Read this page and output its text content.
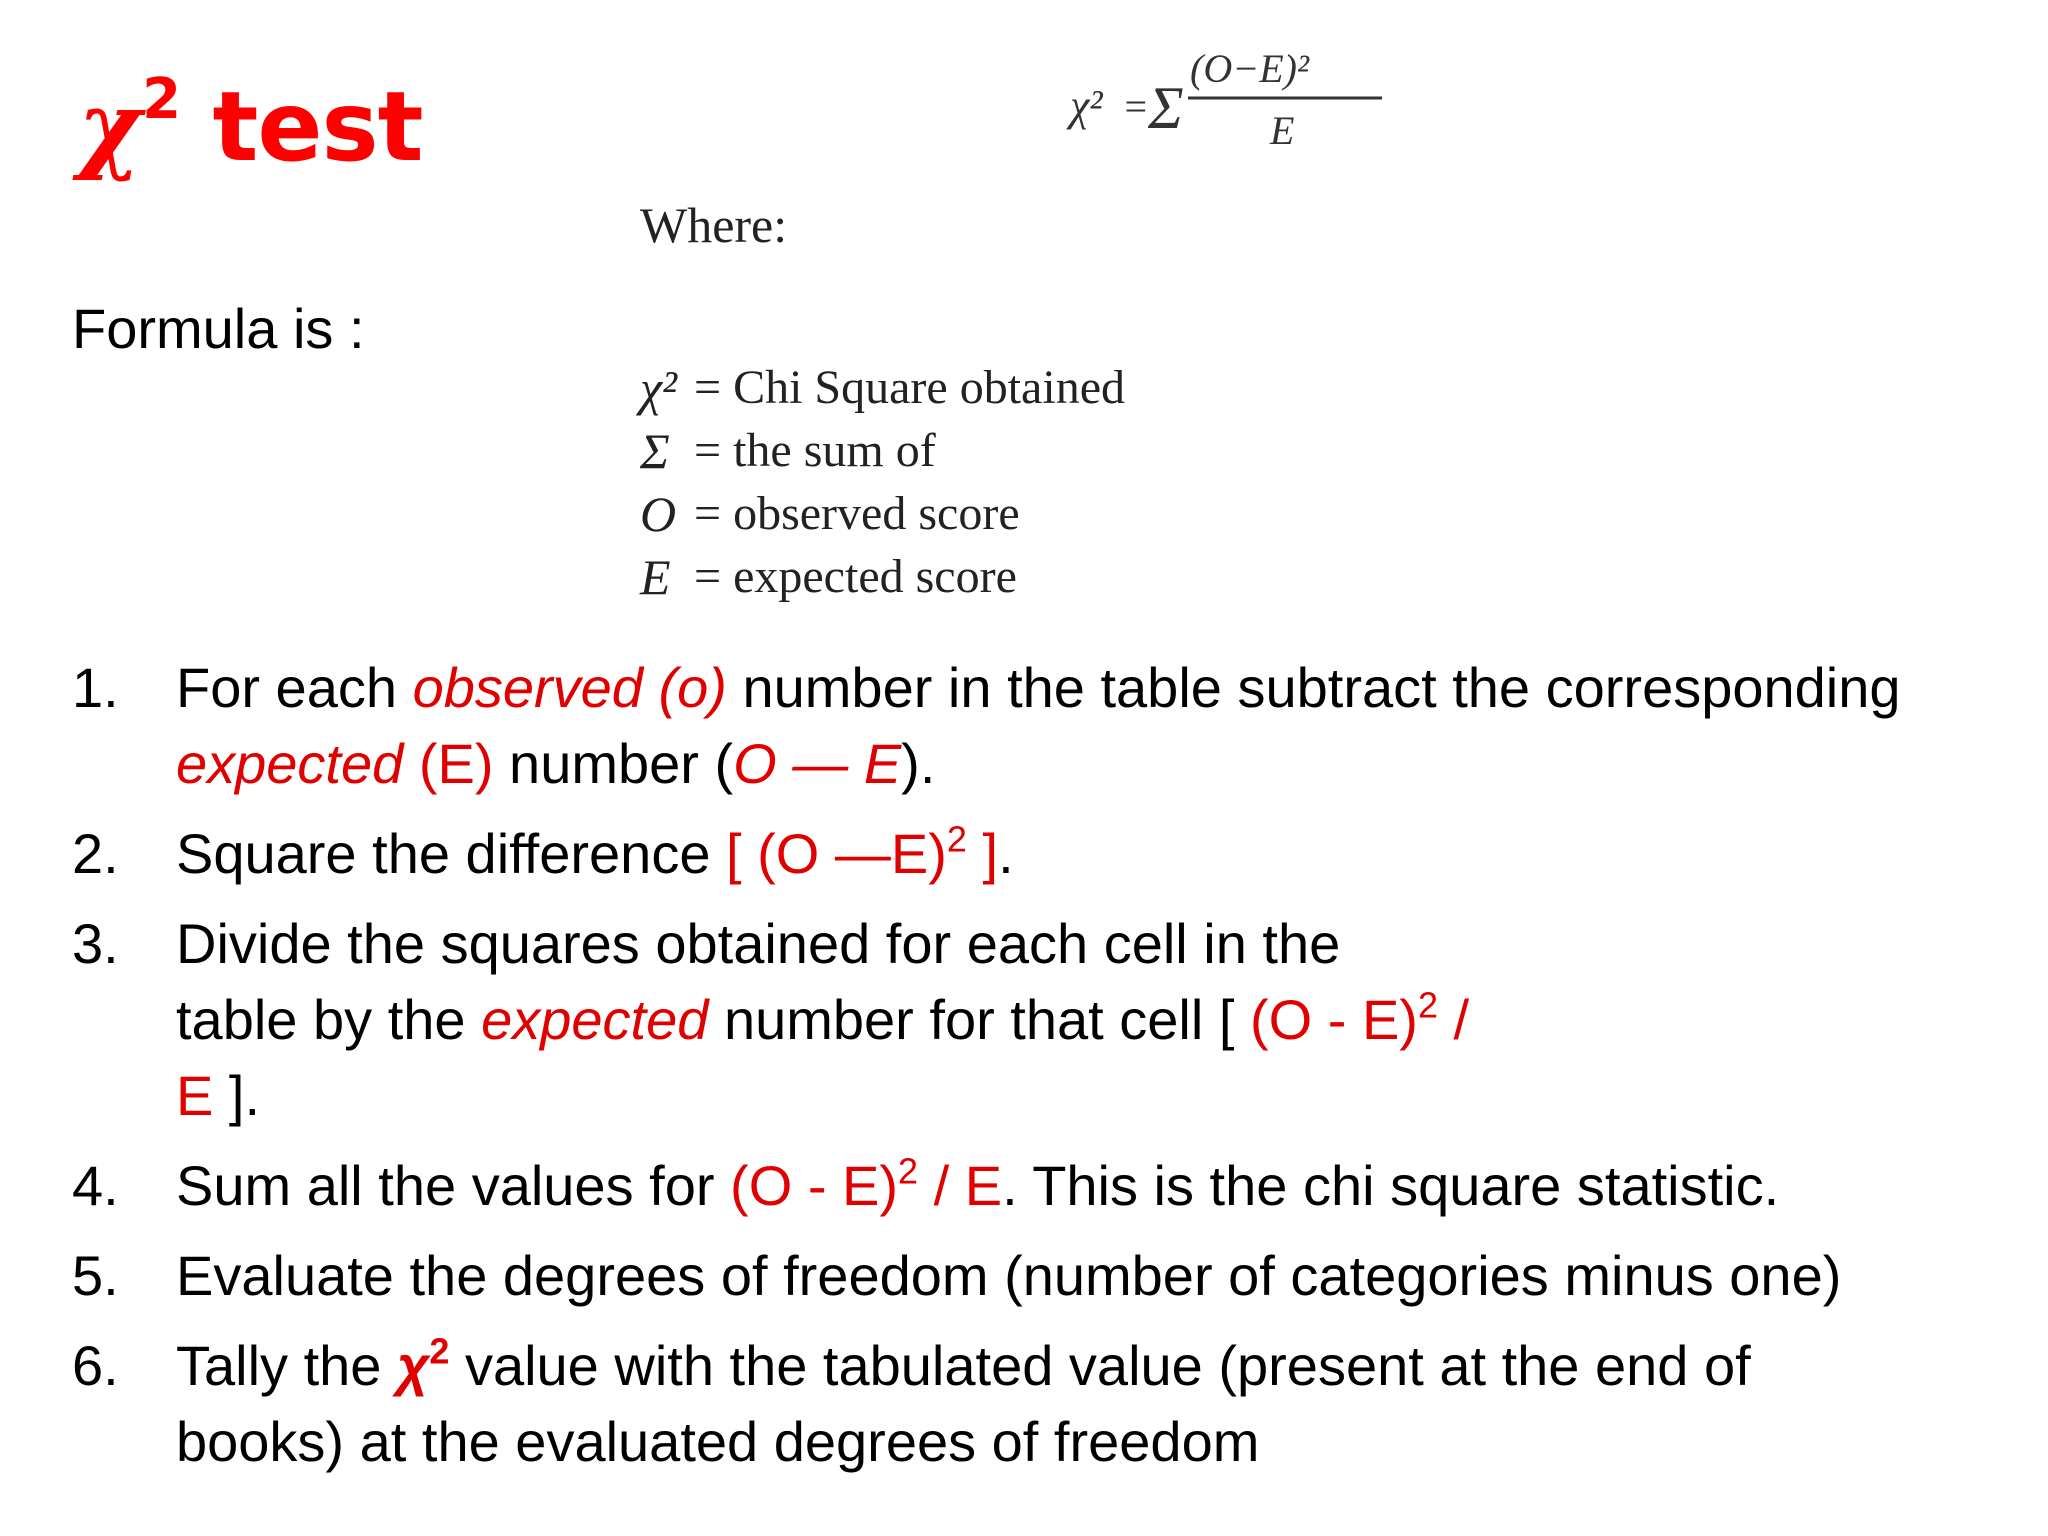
$\chi^2$ test	χ² = Σ
(O−E)²
E
Where:
Formula is :
χ² = Chi Square obtained
Σ = the sum of
O = observed score
E = expected score
1.	For each observed (o) number in the table subtract the corresponding expected (E) number (O — E).
2.	Square the difference [ (O —E)$^2$ ].
3.	Divide the squares obtained for each cell in the table by the expected number for that cell [ (O - E)$^2$ / E ].
4.	Sum all the values for (O - E)$^2$ / E. This is the chi square statistic.
5.	Evaluate the degrees of freedom (number of categories minus one)
6.	Tally the $\chi^2$ value with the tabulated value (present at the end of books) at the evaluated degrees of freedom
